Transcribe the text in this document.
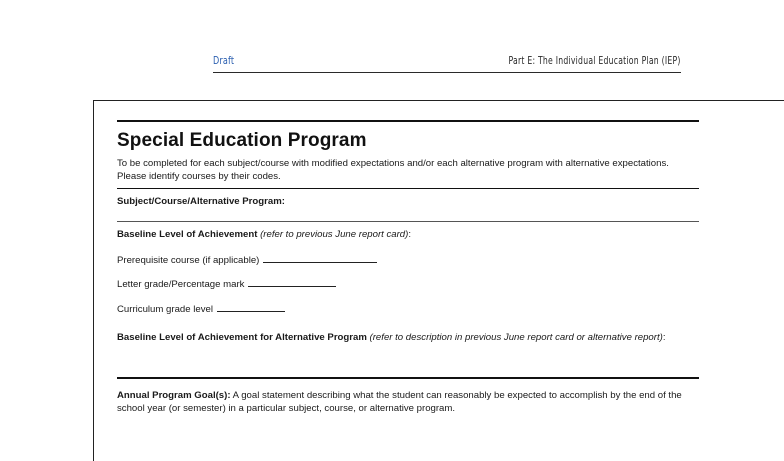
Draft	Part E: The Individual Education Plan (IEP)
Special Education Program

To be completed for each subject/course with modified expectations and/or each alternative program with alternative expectations. Please identify courses by their codes.

Subject/Course/Alternative Program:
Baseline Level of Achievement (refer to previous June report card):
Prerequisite course (if applicable)
Letter grade/Percentage mark
Curriculum grade level
Baseline Level of Achievement for Alternative Program (refer to description in previous June report card or alternative report):

Annual Program Goal(s): A goal statement describing what the student can reasonably be expected to accomplish by the end of the school year (or semester) in a particular subject, course, or alternative program.
